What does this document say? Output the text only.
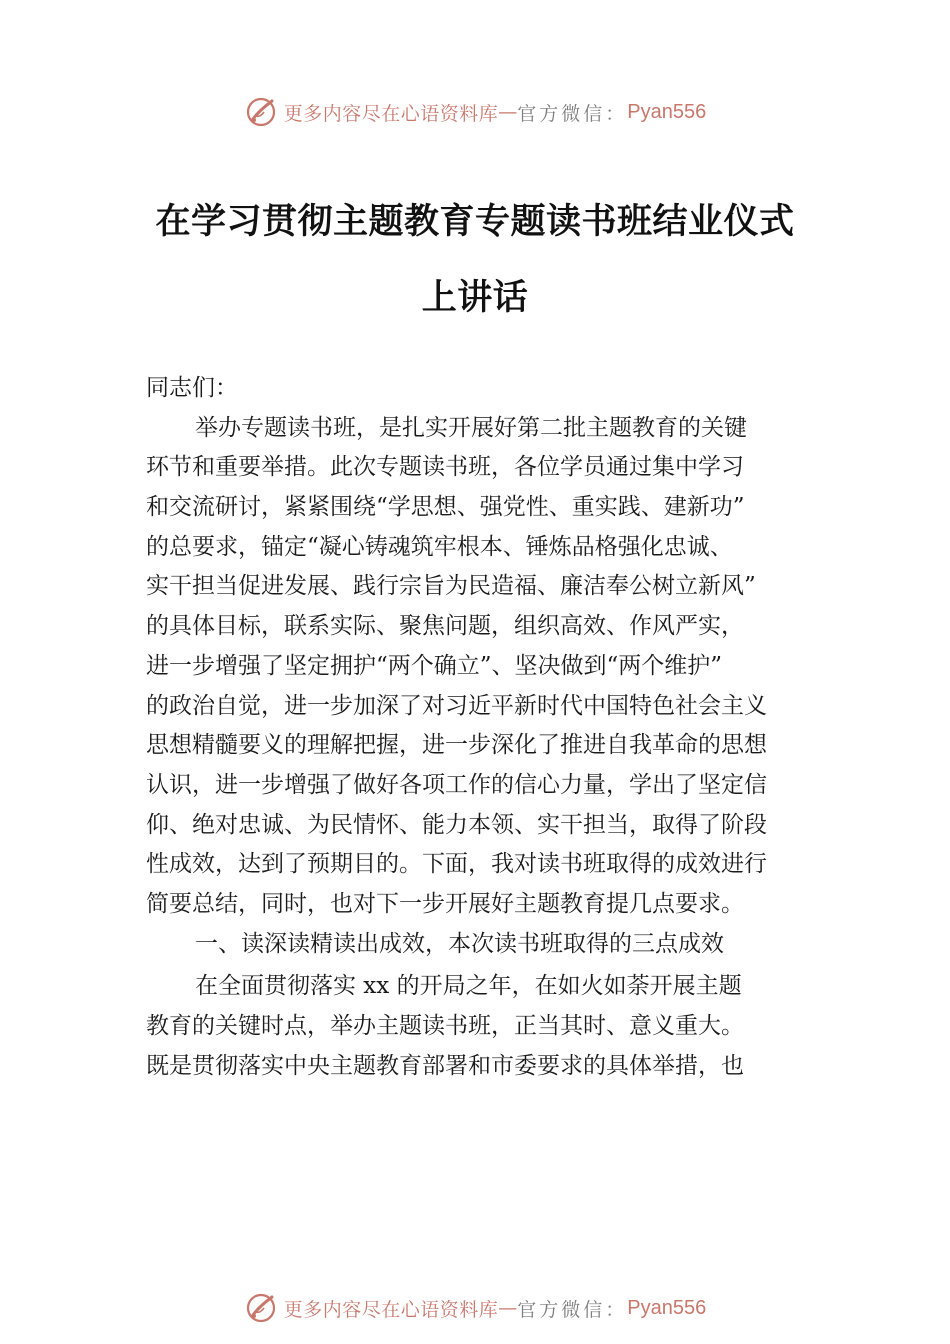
更多内容尽在心语资料库 — 官方微信： Pyan556
在学习贯彻主题教育专题读书班结业仪式
上讲话
同志们：
举办专题读书班，是扎实开展好第二批主题教育的关键
环节和重要举措。此次专题读书班，各位学员通过集中学习
和交流研讨，紧紧围绕“学思想、强党性、重实践、建新功”
的总要求，锚定“凝心铸魂筑牢根本、锤炼品格强化忠诚、
实干担当促进发展、践行宗旨为民造福、廉洁奉公树立新风”
的具体目标，联系实际、聚焦问题，组织高效、作风严实，
进一步增强了坚定拥护“两个确立”、坚决做到“两个维护”
的政治自觉，进一步加深了对习近平新时代中国特色社会主义
思想精髓要义的理解把握，进一步深化了推进自我革命的思想
认识，进一步增强了做好各项工作的信心力量，学出了坚定信
仰、绝对忠诚、为民情怀、能力本领、实干担当，取得了阶段
性成效，达到了预期目的。下面，我对读书班取得的成效进行
简要总结，同时，也对下一步开展好主题教育提几点要求。
一、读深读精读出成效，本次读书班取得的三点成效
在全面贯彻落实 xx 的开局之年，在如火如荼开展主题
教育的关键时点，举办主题读书班，正当其时、意义重大。
既是贯彻落实中央主题教育部署和市委要求的具体举措，也
更多内容尽在心语资料库 — 官方微信： Pyan556
